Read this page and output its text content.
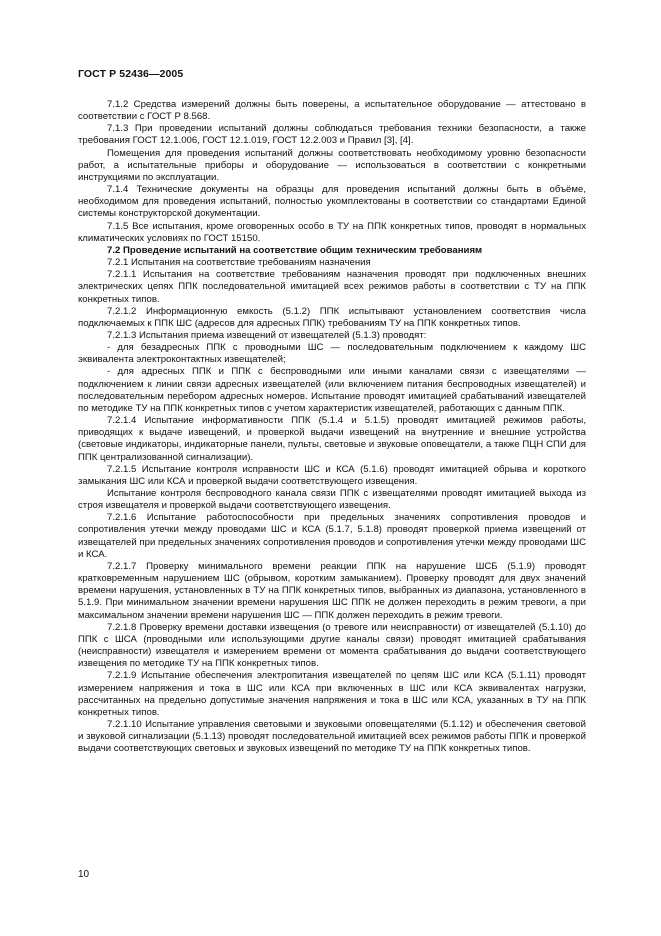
ГОСТ Р 52436—2005

7.1.2 Средства измерений должны быть поверены, а испытательное оборудование — аттестовано в соответствии с ГОСТ Р 8.568.

7.1.3 При проведении испытаний должны соблюдаться требования техники безопасности, а также требования ГОСТ 12.1.006, ГОСТ 12.1.019, ГОСТ 12.2.003 и Правил [3], [4].

Помещения для проведения испытаний должны соответствовать необходимому уровню безопасности работ, а испытательные приборы и оборудование — использоваться в соответствии с конкретными инструкциями по эксплуатации.

7.1.4 Технические документы на образцы для проведения испытаний должны быть в объёме, необходимом для проведения испытаний, полностью укомплектованы в соответствии со стандартами Единой системы конструкторской документации.

7.1.5 Все испытания, кроме оговоренных особо в ТУ на ППК конкретных типов, проводят в нормальных климатических условиях по ГОСТ 15150.

7.2 Проведение испытаний на соответствие общим техническим требованиям

7.2.1 Испытания на соответствие требованиям назначения

7.2.1.1 Испытания на соответствие требованиям назначения проводят при подключенных внешних электрических цепях ППК последовательной имитацией всех режимов работы в соответствии с ТУ на ППК конкретных типов.

7.2.1.2 Информационную емкость (5.1.2) ППК испытывают установлением соответствия числа подключаемых к ППК ШС (адресов для адресных ППК) требованиям ТУ на ППК конкретных типов.

7.2.1.3 Испытания приема извещений от извещателей (5.1.3) проводят:

- для безадресных ППК с проводными ШС — последовательным подключением к каждому ШС эквивалента электроконтактных извещателей;

- для адресных ППК и ППК с беспроводными или иными каналами связи с извещателями — подключением к линии связи адресных извещателей (или включением питания беспроводных извещателей) и последовательным перебором адресных номеров. Испытание проводят имитацией срабатываний извещателей по методике ТУ на ППК конкретных типов с учетом характеристик извещателей, работающих с данным ППК.

7.2.1.4 Испытание информативности ППК (5.1.4 и 5.1.5) проводят имитацией режимов работы, приводящих к выдаче извещений, и проверкой выдачи извещений на внутренние и внешние устройства (световые индикаторы, индикаторные панели, пульты, световые и звуковые оповещатели, а также ПЦН СПИ для ППК централизованной сигнализации).

7.2.1.5 Испытание контроля исправности ШС и КСА (5.1.6) проводят имитацией обрыва и короткого замыкания ШС или КСА и проверкой выдачи соответствующего извещения.

Испытание контроля беспроводного канала связи ППК с извещателями проводят имитацией выхода из строя извещателя и проверкой выдачи соответствующего извещения.

7.2.1.6 Испытание работоспособности при предельных значениях сопротивления проводов и сопротивления утечки между проводами ШС и КСА (5.1.7, 5.1.8) проводят проверкой приема извещений от извещателей при предельных значениях сопротивления проводов и сопротивления утечки между проводами ШС и КСА.

7.2.1.7 Проверку минимального времени реакции ППК на нарушение ШСБ (5.1.9) проводят кратковременным нарушением ШС (обрывом, коротким замыканием). Проверку проводят для двух значений времени нарушения, установленных в ТУ на ППК конкретных типов, выбранных из диапазона, установленного в 5.1.9. При минимальном значении времени нарушения ШС ППК не должен переходить в режим тревоги, а при максимальном значении времени нарушения ШС — ППК должен переходить в режим тревоги.

7.2.1.8 Проверку времени доставки извещения (о тревоге или неисправности) от извещателей (5.1.10) до ППК с ШСА (проводными или использующими другие каналы связи) проводят имитацией срабатывания (неисправности) извещателя и измерением времени от момента срабатывания до выдачи соответствующего извещения по методике ТУ на ППК конкретных типов.

7.2.1.9 Испытание обеспечения электропитания извещателей по цепям ШС или КСА (5.1.11) проводят измерением напряжения и тока в ШС или КСА при включенных в ШС или КСА эквивалентах нагрузки, рассчитанных на предельно допустимые значения напряжения и тока в ШС или КСА, указанных в ТУ на ППК конкретных типов.

7.2.1.10 Испытание управления световыми и звуковыми оповещателями (5.1.12) и обеспечения световой и звуковой сигнализации (5.1.13) проводят последовательной имитацией всех режимов работы ППК и проверкой выдачи соответствующих световых и звуковых извещений по методике ТУ на ППК конкретных типов.

10
